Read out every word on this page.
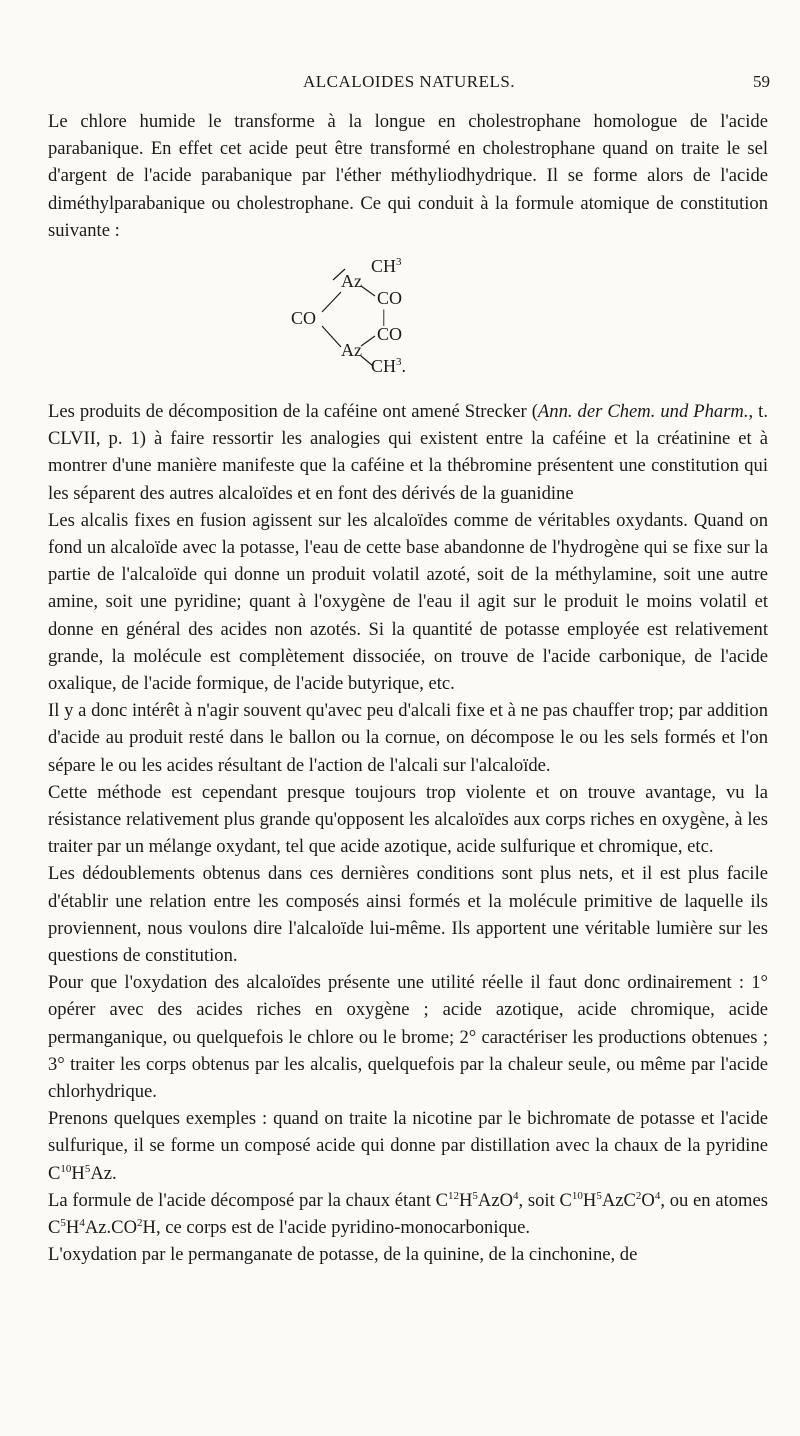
ALCALOIDES NATURELS.	59

Le chlore humide le transforme à la longue en cholestrophane homologue de l'acide parabanique. En effet cet acide peut être transformé en cholestrophane quand on traite le sel d'argent de l'acide parabanique par l'éther méthyliodhydrique. Il se forme alors de l'acide diméthylparabanique ou cholestrophane. Ce qui conduit à la formule atomique de constitution suivante :

Az
$CH^3$
CO
CO
|
CO
Az
$CH^3$.

Les produits de décomposition de la caféine ont amené Strecker (Ann. der Chem. und Pharm., t. CLVII, p. 1) à faire ressortir les analogies qui existent entre la caféine et la créatinine et à montrer d'une manière manifeste que la caféine et la thébromine présentent une constitution qui les séparent des autres alcaloïdes et en font des dérivés de la guanidine

Les alcalis fixes en fusion agissent sur les alcaloïdes comme de véritables oxydants. Quand on fond un alcaloïde avec la potasse, l'eau de cette base abandonne de l'hydrogène qui se fixe sur la partie de l'alcaloïde qui donne un produit volatil azoté, soit de la méthylamine, soit une autre amine, soit une pyridine; quant à l'oxygène de l'eau il agit sur le produit le moins volatil et donne en général des acides non azotés. Si la quantité de potasse employée est relativement grande, la molécule est complètement dissociée, on trouve de l'acide carbonique, de l'acide oxalique, de l'acide formique, de l'acide butyrique, etc.

Il y a donc intérêt à n'agir souvent qu'avec peu d'alcali fixe et à ne pas chauffer trop; par addition d'acide au produit resté dans le ballon ou la cornue, on décompose le ou les sels formés et l'on sépare le ou les acides résultant de l'action de l'alcali sur l'alcaloïde.

Cette méthode est cependant presque toujours trop violente et on trouve avantage, vu la résistance relativement plus grande qu'opposent les alcaloïdes aux corps riches en oxygène, à les traiter par un mélange oxydant, tel que acide azotique, acide sulfurique et chromique, etc.

Les dédoublements obtenus dans ces dernières conditions sont plus nets, et il est plus facile d'établir une relation entre les composés ainsi formés et la molécule primitive de laquelle ils proviennent, nous voulons dire l'alcaloïde lui-même. Ils apportent une véritable lumière sur les questions de constitution.

Pour que l'oxydation des alcaloïdes présente une utilité réelle il faut donc ordinairement : 1° opérer avec des acides riches en oxygène ; acide azotique, acide chromique, acide permanganique, ou quelquefois le chlore ou le brome; 2° caractériser les productions obtenues ; 3° traiter les corps obtenus par les alcalis, quelquefois par la chaleur seule, ou même par l'acide chlorhydrique.

Prenons quelques exemples : quand on traite la nicotine par le bichromate de potasse et l'acide sulfurique, il se forme un composé acide qui donne par distillation avec la chaux de la pyridine $C^{10}H^5Az$.

La formule de l'acide décomposé par la chaux étant $C^{12}H^5AzO^4$, soit $C^{10}H^5AzC^2O^4$, ou en atomes $C^5H^4Az.CO^2H$, ce corps est de l'acide pyridino-monocarbonique.

L'oxydation par le permanganate de potasse, de la quinine, de la cinchonine, de
